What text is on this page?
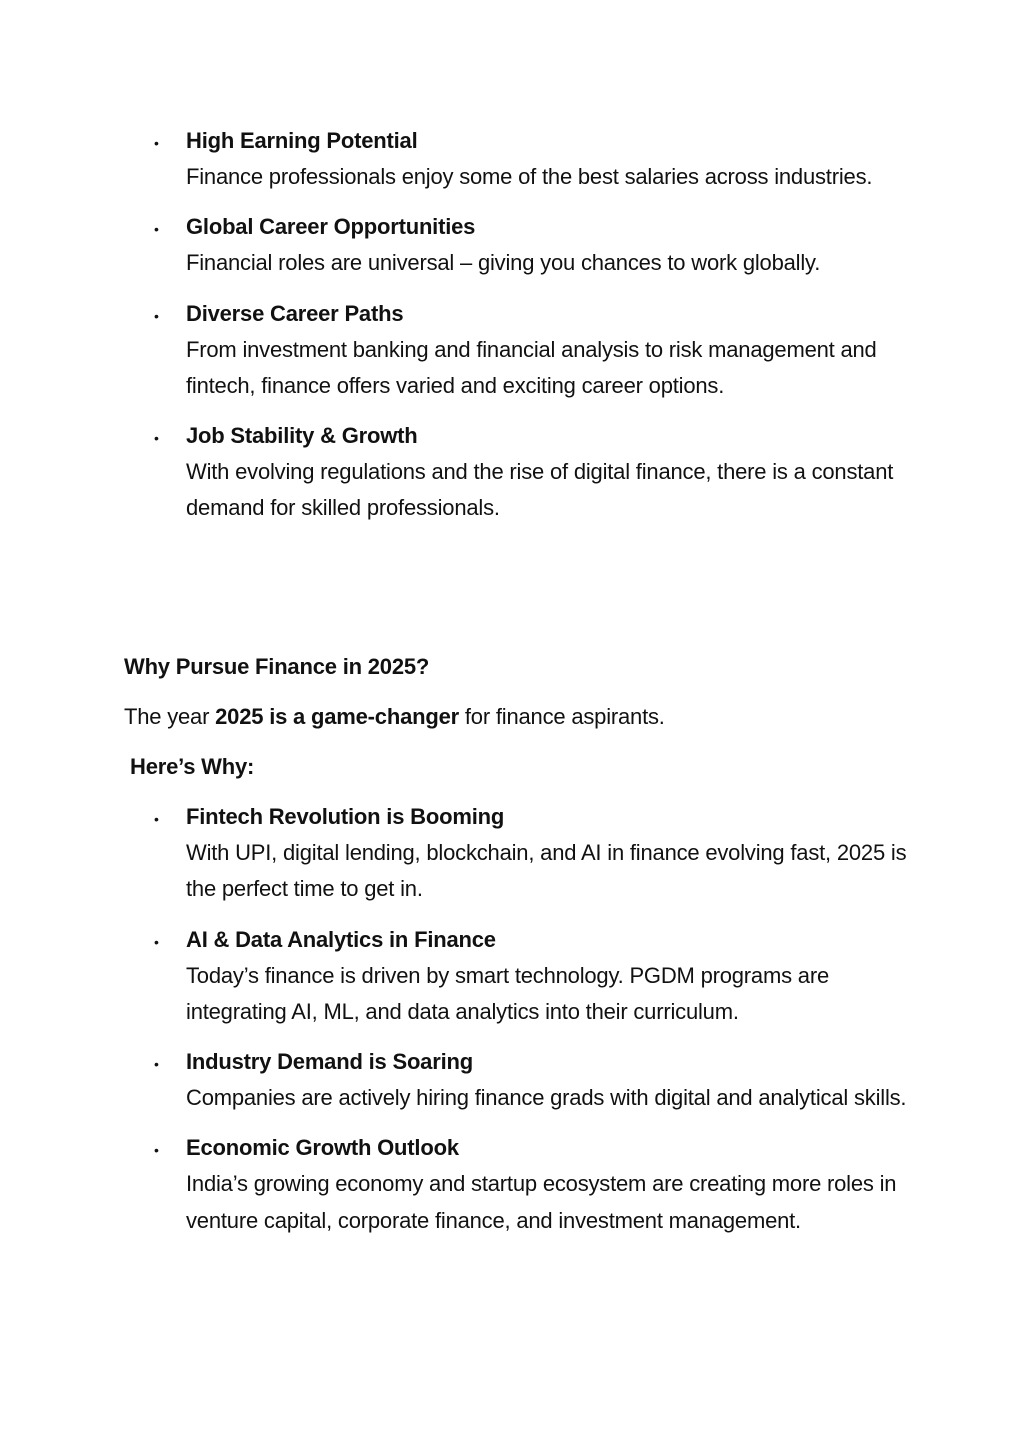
• High Earning Potential
Finance professionals enjoy some of the best salaries across industries.
• Global Career Opportunities
Financial roles are universal – giving you chances to work globally.
• Diverse Career Paths
From investment banking and financial analysis to risk management and fintech, finance offers varied and exciting career options.
• Job Stability & Growth
With evolving regulations and the rise of digital finance, there is a constant demand for skilled professionals.
Why Pursue Finance in 2025?

The year 2025 is a game-changer for finance aspirants.

Here’s Why:

• Fintech Revolution is Booming
With UPI, digital lending, blockchain, and AI in finance evolving fast, 2025 is the perfect time to get in.
• AI & Data Analytics in Finance
Today’s finance is driven by smart technology. PGDM programs are integrating AI, ML, and data analytics into their curriculum.
• Industry Demand is Soaring
Companies are actively hiring finance grads with digital and analytical skills.
• Economic Growth Outlook
India’s growing economy and startup ecosystem are creating more roles in venture capital, corporate finance, and investment management.
